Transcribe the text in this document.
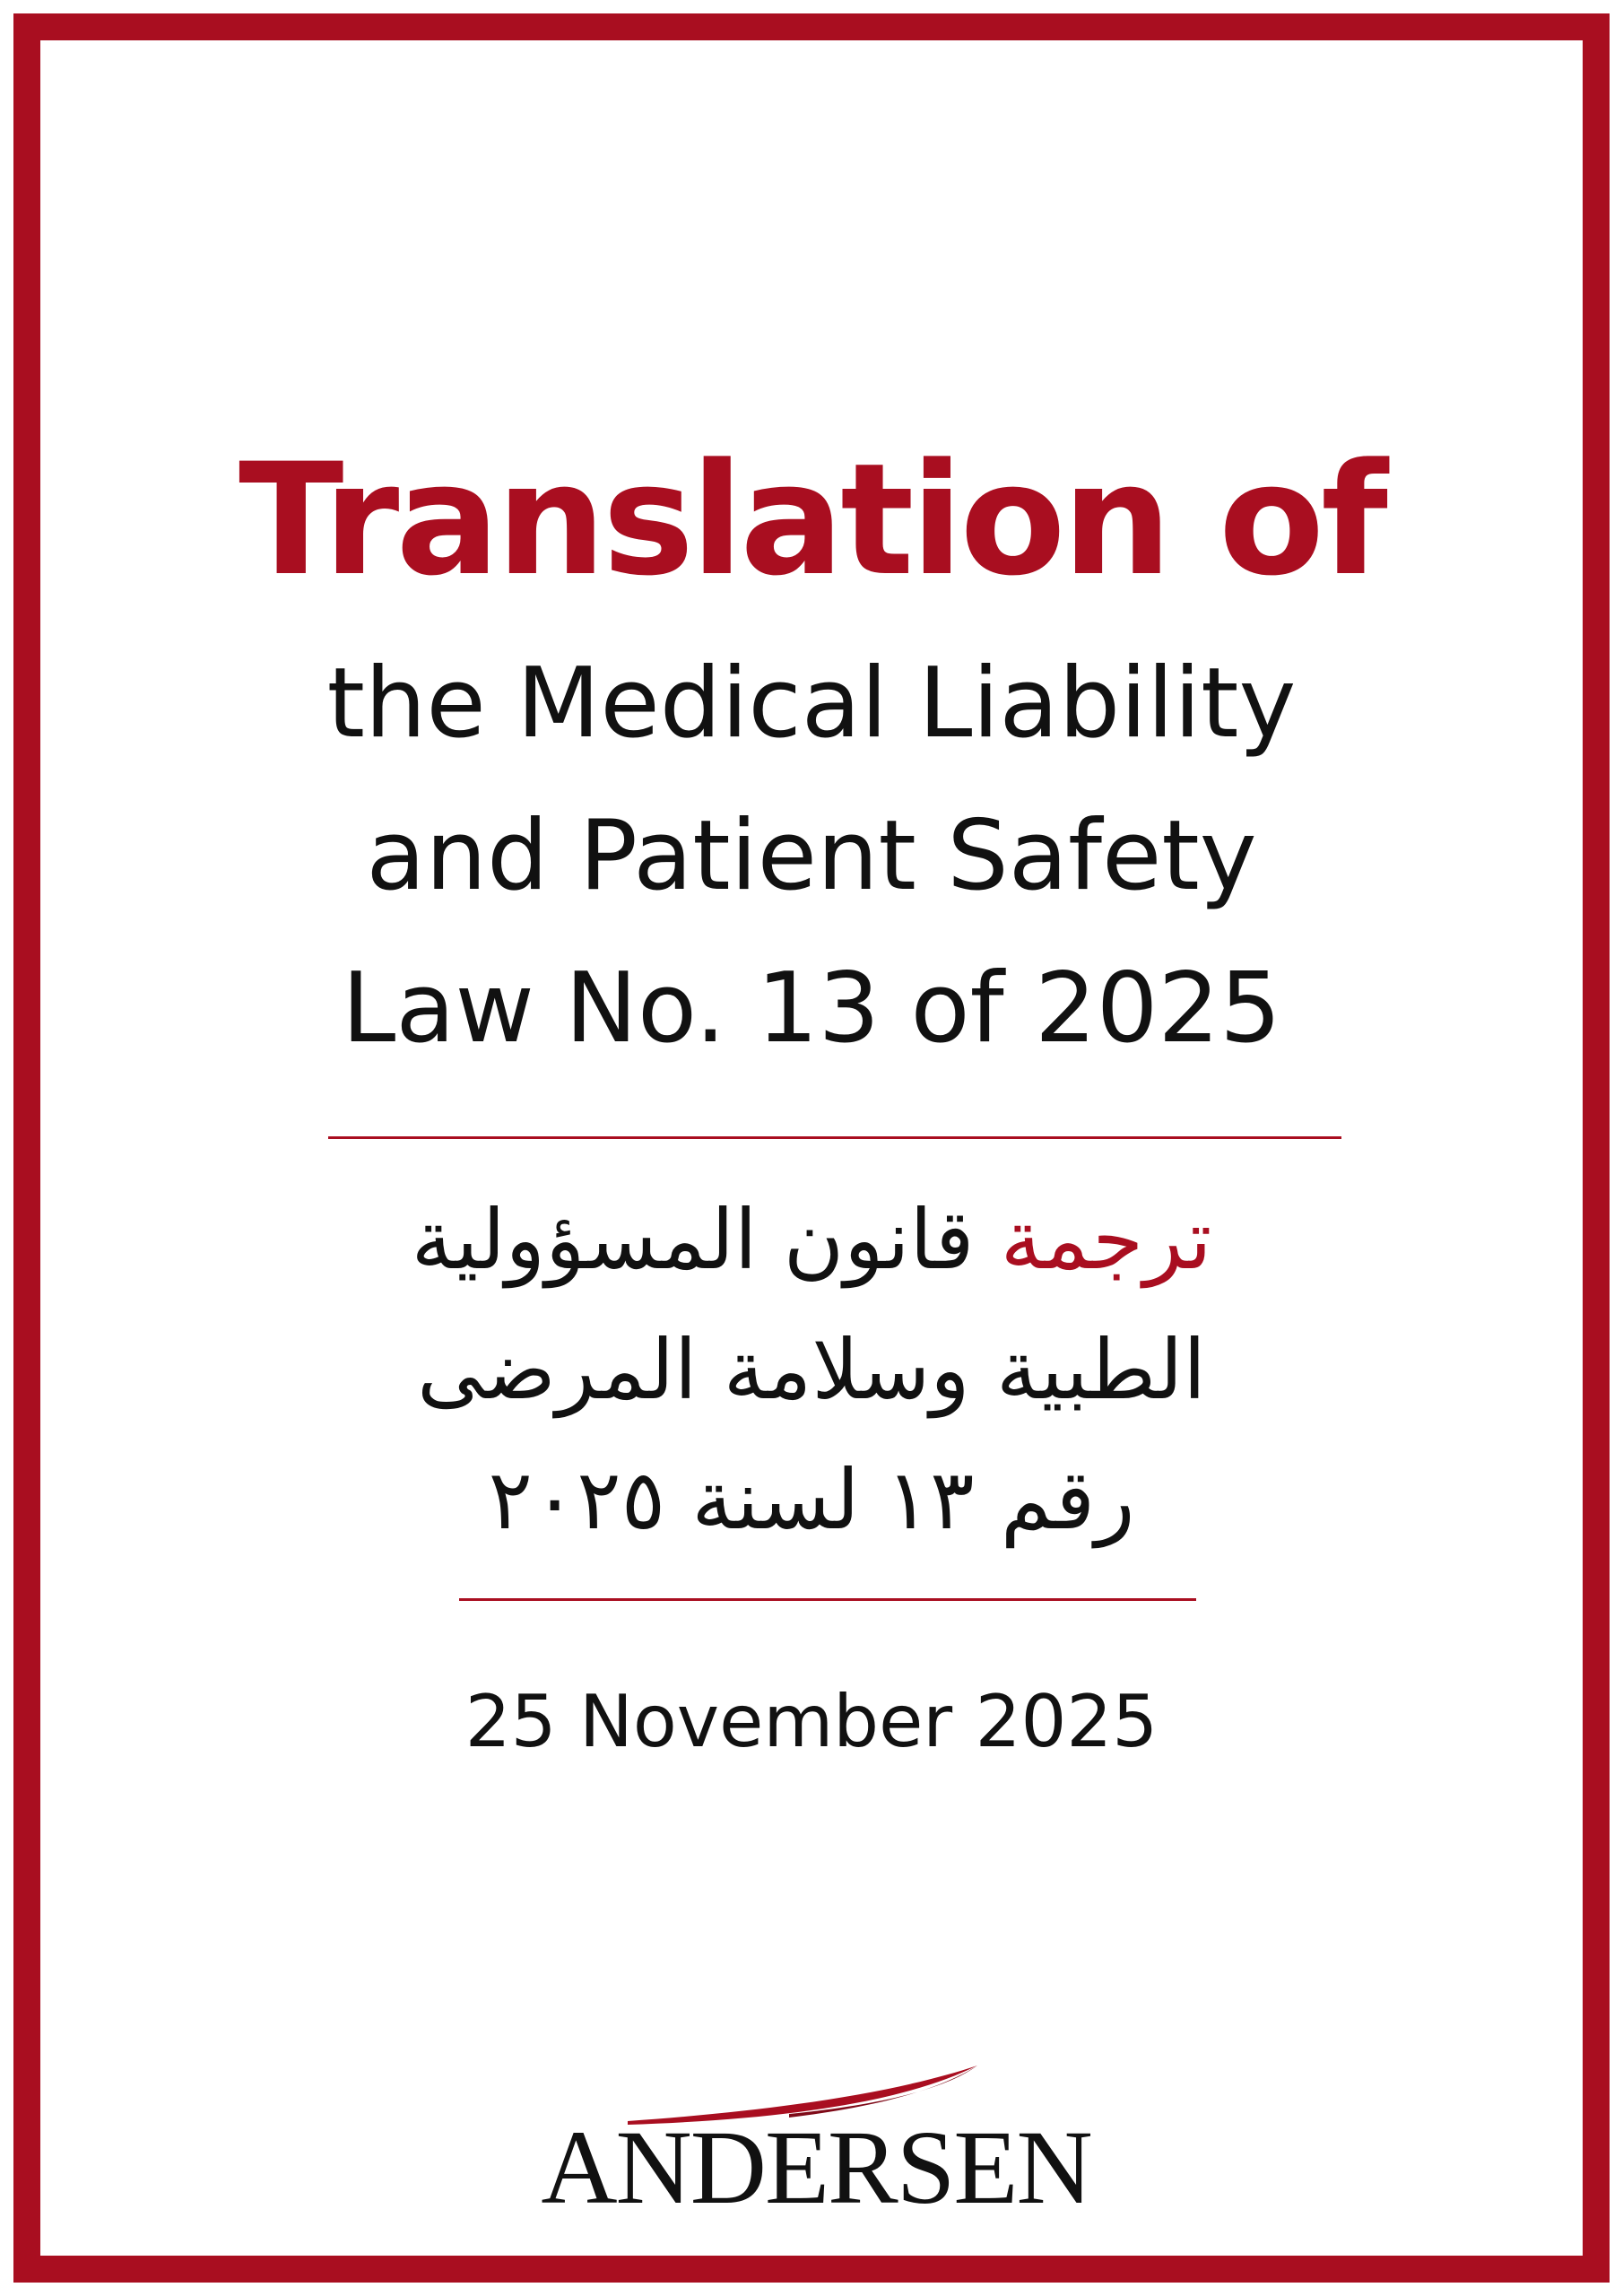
Translation of
the Medical Liability
and Patient Safety
Law No. 13 of 2025
ترجمة قانون المسؤولية
الطبية وسلامة المرضى
رقم ١٣ لسنة ٢٠٢٥
25 November 2025
ANDERSEN
